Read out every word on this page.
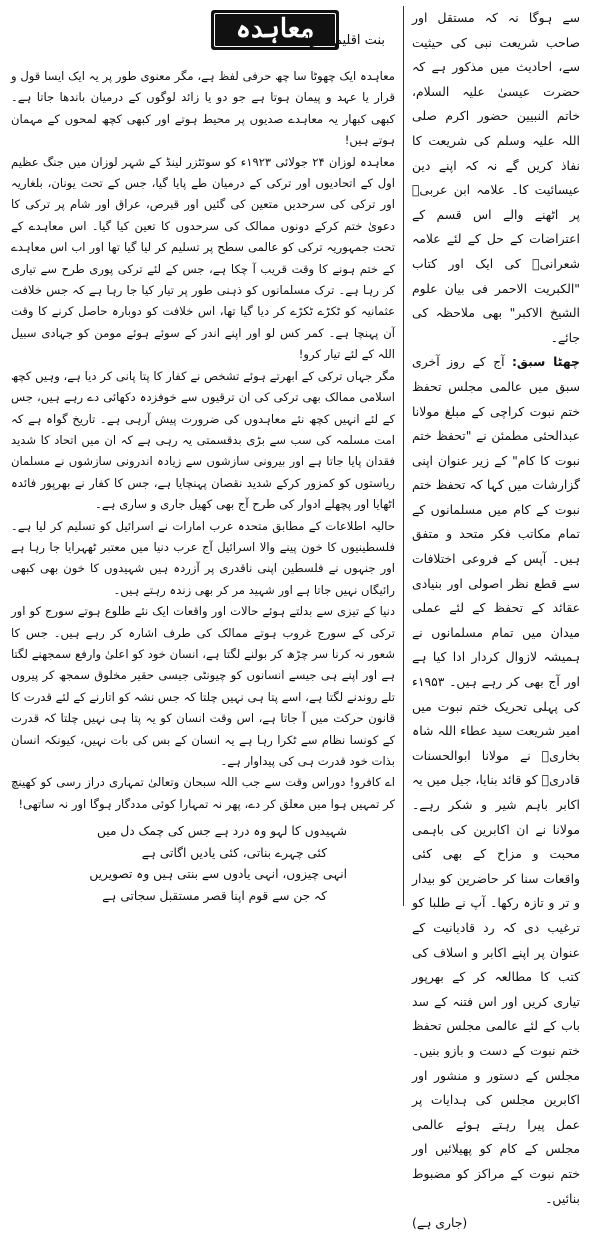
معاہدہ
بنت اقلیم قدوائی

معاہدہ ایک چھوٹا سا چھ حرفی لفظ ہے، مگر معنوی طور پر یہ ایک ایسا قول و قرار یا عہد و پیمان ہوتا ہے جو دو یا زائد لوگوں کے درمیان باندھا جاتا ہے۔ کبھی کبھار یہ معاہدے صدیوں پر محیط ہوتے اور کبھی کچھ لمحوں کے مہمان ہوتے ہیں!

معاہدہ لوزان ۲۴ جولائی ۱۹۲۳ء کو سوئٹزر لینڈ کے شہر لوزان میں جنگ عظیم اول کے اتحادیوں اور ترکی کے درمیان طے پایا گیا، جس کے تحت یونان، بلغاریہ اور ترکی کی سرحدیں متعین کی گئیں اور قبرص، عراق اور شام پر ترکی کا دعویٰ ختم کرکے دونوں ممالک کی سرحدوں کا تعین کیا گیا۔ اس معاہدے کے تحت جمہوریہ ترکی کو عالمی سطح پر تسلیم کر لیا گیا تھا اور اب اس معاہدے کے ختم ہونے کا وقت قریب آ چکا ہے، جس کے لئے ترکی پوری طرح سے تیاری کر رہا ہے۔ ترک مسلمانوں کو ذہنی طور پر تیار کیا جا رہا ہے کہ جس خلافت عثمانیہ کو ٹکڑے ٹکڑے کر دیا گیا تھا، اس خلافت کو دوبارہ حاصل کرنے کا وقت آن پہنچا ہے۔ کمر کس لو اور اپنے اندر کے سوئے ہوئے مومن کو جہادی سبیل اللہ کے لئے تیار کرو!

مگر جہاں ترکی کے ابھرتے ہوئے تشخص نے کفار کا پتا پانی کر دیا ہے، وہیں کچھ اسلامی ممالک بھی ترکی کی ان ترقیوں سے خوفزدہ دکھائی دے رہے ہیں، جس کے لئے انہیں کچھ نئے معاہدوں کی ضرورت پیش آرہی ہے۔ تاریخ گواہ ہے کہ امت مسلمہ کی سب سے بڑی بدقسمتی یہ رہی ہے کہ ان میں اتحاد کا شدید فقدان پایا جاتا ہے اور بیرونی سازشوں سے زیادہ اندرونی سازشوں نے مسلمان ریاستوں کو کمزور کرکے شدید نقصان پہنچایا ہے، جس کا کفار نے بھرپور فائدہ اٹھایا اور پچھلے ادوار کی طرح آج بھی کھیل جاری و ساری ہے۔

حالیہ اطلاعات کے مطابق متحدہ عرب امارات نے اسرائیل کو تسلیم کر لیا ہے۔ فلسطینیوں کا خون پینے والا اسرائیل آج عرب دنیا میں معتبر ٹھہرایا جا رہا ہے اور جنہوں نے فلسطین اپنی ناقدری پر آزردہ ہیں شہیدوں کا خون بھی کبھی رائیگاں نہیں جاتا ہے اور شہید مر کر بھی زندہ رہتے ہیں۔

دنیا کے تیزی سے بدلتے ہوئے حالات اور واقعات ایک نئے طلوع ہوتے سورج کو اور ترکی کے سورج غروب ہوتے ممالک کی طرف اشارہ کر رہے ہیں۔ جس کا شعور نہ کرنا سر چڑھ کر بولنے لگتا ہے، انسان خود کو اعلیٰ وارفع سمجھنے لگتا ہے اور اپنے ہی جیسے انسانوں کو چیونٹی جیسی حقیر مخلوق سمجھ کر پیروں تلے روندنے لگتا ہے، اسے پتا ہی نہیں چلتا کہ جس نشہ کو اتارنے کے لئے قدرت کا قانون حرکت میں آ جاتا ہے، اس وقت انسان کو یہ پتا ہی نہیں چلتا کہ قدرت کے کونسا نظام سے ٹکرا رہا ہے یہ انسان کے بس کی بات نہیں، کیونکہ انسان بذات خود قدرت ہی کی پیداوار ہے۔

اے کافرو! دوراس وقت سے جب اللہ سبحان وتعالیٰ تمہاری دراز رسی کو کھینچ کر تمہیں ہوا میں معلق کر دے، پھر نہ تمہارا کوئی مددگار ہوگا اور نہ ساتھی!

شہیدوں کا لہو وہ درد ہے جس کی چمک دل میں
کئی چہرے بناتی، کئی یادیں اگاتی ہے
انہی چیزوں، انہی یادوں سے بنتی ہیں وہ تصویریں
کہ جن سے قوم اپنا قصر مستقبل سجاتی ہے

سے ہوگا نہ کہ مستقل اور صاحب شریعت نبی کی حیثیت سے، احادیث میں مذکور ہے کہ حضرت عیسیٰ علیہ السلام، خاتم النبیین حضور اکرم صلی اللہ علیہ وسلم کی شریعت کا نفاذ کریں گے نہ کہ اپنے دین عیسائیت کا۔ علامہ ابن عربیؒ پر اٹھنے والے اس قسم کے اعتراضات کے حل کے لئے علامہ شعرانیؒ کی ایک اور کتاب "الکبریت الاحمر فی بیان علوم الشیخ الاکبر" بھی ملاحظہ کی جائے۔

چھٹا سبق: آج کے روز آخری سبق میں عالمی مجلس تحفظ ختم نبوت کراچی کے مبلغ مولانا عبدالحئی مطمئن نے "تحفظ ختم نبوت کا کام" کے زیر عنوان اپنی گزارشات میں کہا کہ تحفظ ختم نبوت کے کام میں مسلمانوں کے تمام مکاتب فکر متحد و متفق ہیں۔ آپس کے فروعی اختلافات سے قطع نظر اصولی اور بنیادی عقائد کے تحفظ کے لئے عملی میدان میں تمام مسلمانوں نے ہمیشہ لازوال کردار ادا کیا ہے اور آج بھی کر رہے ہیں۔ ۱۹۵۳ء کی پہلی تحریک ختم نبوت میں امیر شریعت سید عطاء اللہ شاہ بخاریؒ نے مولانا ابوالحسنات قادریؒ کو قائد بنایا، جیل میں یہ اکابر باہم شیر و شکر رہے۔ مولانا نے ان اکابرین کی باہمی محبت و مزاح کے بھی کئی واقعات سنا کر حاضرین کو بیدار و تر و تازہ رکھا۔ آپ نے طلبا کو ترغیب دی کہ رد قادیانیت کے عنوان پر اپنے اکابر و اسلاف کی کتب کا مطالعہ کر کے بھرپور تیاری کریں اور اس فتنہ کے سد باب کے لئے عالمی مجلس تحفظ ختم نبوت کے دست و بازو بنیں۔ مجلس کے دستور و منشور اور اکابرین مجلس کی ہدایات پر عمل پیرا رہتے ہوئے عالمی مجلس کے کام کو پھیلائیں اور ختم نبوت کے مراکز کو مضبوط بنائیں۔

(جاری ہے)
